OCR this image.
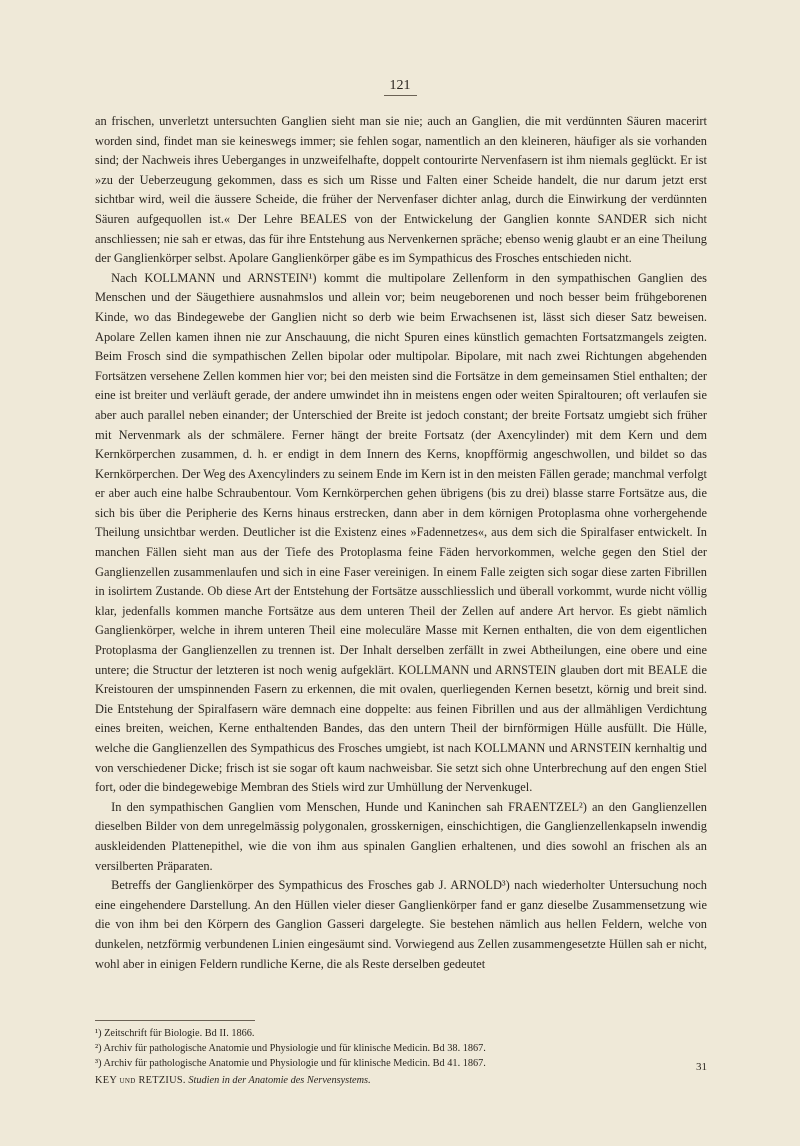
121

an frischen, unverletzt untersuchten Ganglien sieht man sie nie; auch an Ganglien, die mit verdünnten Säuren macerirt worden sind, findet man sie keineswegs immer; sie fehlen sogar, namentlich an den kleineren, häufiger als sie vorhanden sind; der Nachweis ihres Ueberganges in unzweifelhafte, doppelt contourirte Nervenfasern ist ihm niemals geglückt. Er ist »zu der Ueberzeugung gekommen, dass es sich um Risse und Falten einer Scheide handelt, die nur darum jetzt erst sichtbar wird, weil die äussere Scheide, die früher der Nervenfaser dichter anlag, durch die Einwirkung der verdünnten Säuren aufgequollen ist.« Der Lehre BEALES von der Entwickelung der Ganglien konnte SANDER sich nicht anschliessen; nie sah er etwas, das für ihre Entstehung aus Nervenkernen spräche; ebenso wenig glaubt er an eine Theilung der Ganglienkörper selbst. Apolare Ganglienkörper gäbe es im Sympathicus des Frosches entschieden nicht.

Nach KOLLMANN und ARNSTEIN¹) kommt die multipolare Zellenform in den sympathischen Ganglien des Menschen und der Säugethiere ausnahmslos und allein vor; beim neugeborenen und noch besser beim frühgeborenen Kinde, wo das Bindegewebe der Ganglien nicht so derb wie beim Erwachsenen ist, lässt sich dieser Satz beweisen. Apolare Zellen kamen ihnen nie zur Anschauung, die nicht Spuren eines künstlich gemachten Fortsatzmangels zeigten. Beim Frosch sind die sympathischen Zellen bipolar oder multipolar. Bipolare, mit nach zwei Richtungen abgehenden Fortsätzen versehene Zellen kommen hier vor; bei den meisten sind die Fortsätze in dem gemeinsamen Stiel enthalten; der eine ist breiter und verläuft gerade, der andere umwindet ihn in meistens engen oder weiten Spiraltouren; oft verlaufen sie aber auch parallel neben einander; der Unterschied der Breite ist jedoch constant; der breite Fortsatz umgiebt sich früher mit Nervenmark als der schmälere. Ferner hängt der breite Fortsatz (der Axencylinder) mit dem Kern und dem Kernkörperchen zusammen, d. h. er endigt in dem Innern des Kerns, knopfförmig angeschwollen, und bildet so das Kernkörperchen. Der Weg des Axencylinders zu seinem Ende im Kern ist in den meisten Fällen gerade; manchmal verfolgt er aber auch eine halbe Schraubentour. Vom Kernkörperchen gehen übrigens (bis zu drei) blasse starre Fortsätze aus, die sich bis über die Peripherie des Kerns hinaus erstrecken, dann aber in dem körnigen Protoplasma ohne vorhergehende Theilung unsichtbar werden. Deutlicher ist die Existenz eines »Fadennetzes«, aus dem sich die Spiralfaser entwickelt. In manchen Fällen sieht man aus der Tiefe des Protoplasma feine Fäden hervorkommen, welche gegen den Stiel der Ganglienzellen zusammenlaufen und sich in eine Faser vereinigen. In einem Falle zeigten sich sogar diese zarten Fibrillen in isolirtem Zustande. Ob diese Art der Entstehung der Fortsätze ausschliesslich und überall vorkommt, wurde nicht völlig klar, jedenfalls kommen manche Fortsätze aus dem unteren Theil der Zellen auf andere Art hervor. Es giebt nämlich Ganglienkörper, welche in ihrem unteren Theil eine moleculäre Masse mit Kernen enthalten, die von dem eigentlichen Protoplasma der Ganglienzellen zu trennen ist. Der Inhalt derselben zerfällt in zwei Abtheilungen, eine obere und eine untere; die Structur der letzteren ist noch wenig aufgeklärt. KOLLMANN und ARNSTEIN glauben dort mit BEALE die Kreistouren der umspinnenden Fasern zu erkennen, die mit ovalen, querliegenden Kernen besetzt, körnig und breit sind. Die Entstehung der Spiralfasern wäre demnach eine doppelte: aus feinen Fibrillen und aus der allmähligen Verdichtung eines breiten, weichen, Kerne enthaltenden Bandes, das den untern Theil der birnförmigen Hülle ausfüllt. Die Hülle, welche die Ganglienzellen des Sympathicus des Frosches umgiebt, ist nach KOLLMANN und ARNSTEIN kernhaltig und von verschiedener Dicke; frisch ist sie sogar oft kaum nachweisbar. Sie setzt sich ohne Unterbrechung auf den engen Stiel fort, oder die bindegewebige Membran des Stiels wird zur Umhüllung der Nervenkugel.

In den sympathischen Ganglien vom Menschen, Hunde und Kaninchen sah FRAENTZEL²) an den Ganglienzellen dieselben Bilder von dem unregelmässig polygonalen, grosskernigen, einschichtigen, die Ganglienzellenkapseln inwendig auskleidenden Plattenepithel, wie die von ihm aus spinalen Ganglien erhaltenen, und dies sowohl an frischen als an versilberten Präparaten.

Betreffs der Ganglienkörper des Sympathicus des Frosches gab J. ARNOLD³) nach wiederholter Untersuchung noch eine eingehendere Darstellung. An den Hüllen vieler dieser Ganglienkörper fand er ganz dieselbe Zusammensetzung wie die von ihm bei den Körpern des Ganglion Gasseri dargelegte. Sie bestehen nämlich aus hellen Feldern, welche von dunkelen, netzförmig verbundenen Linien eingesäumt sind. Vorwiegend aus Zellen zusammengesetzte Hüllen sah er nicht, wohl aber in einigen Feldern rundliche Kerne, die als Reste derselben gedeutet

¹) Zeitschrift für Biologie. Bd II. 1866.
²) Archiv für pathologische Anatomie und Physiologie und für klinische Medicin. Bd 38. 1867.
³) Archiv für pathologische Anatomie und Physiologie und für klinische Medicin. Bd 41. 1867.
KEY und RETZIUS. Studien in der Anatomie des Nervensystems.
31
